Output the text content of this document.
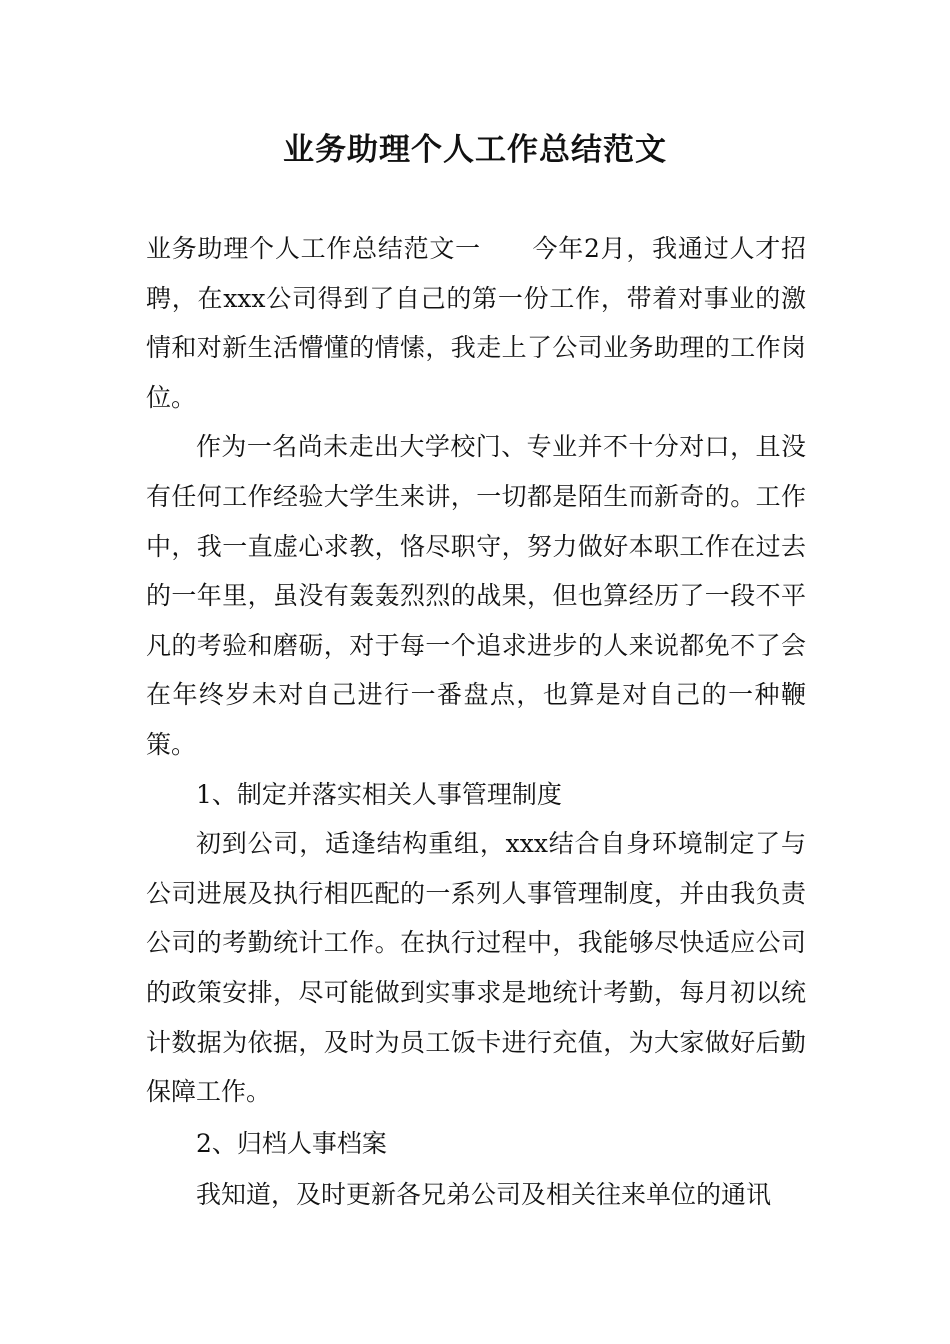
业务助理个人工作总结范文

业务助理个人工作总结范文一　　今年2月，我通过人才招聘，在xxx公司得到了自己的第一份工作，带着对事业的激情和对新生活懵懂的情愫，我走上了公司业务助理的工作岗位。

作为一名尚未走出大学校门、专业并不十分对口，且没有任何工作经验大学生来讲，一切都是陌生而新奇的。工作中，我一直虚心求教，恪尽职守，努力做好本职工作在过去的一年里，虽没有轰轰烈烈的战果，但也算经历了一段不平凡的考验和磨砺，对于每一个追求进步的人来说都免不了会在年终岁未对自己进行一番盘点，也算是对自己的一种鞭策。

1、制定并落实相关人事管理制度

初到公司，适逢结构重组，xxx结合自身环境制定了与公司进展及执行相匹配的一系列人事管理制度，并由我负责公司的考勤统计工作。在执行过程中，我能够尽快适应公司的政策安排，尽可能做到实事求是地统计考勤，每月初以统计数据为依据，及时为员工饭卡进行充值，为大家做好后勤保障工作。

2、归档人事档案

我知道，及时更新各兄弟公司及相关往来单位的通讯
